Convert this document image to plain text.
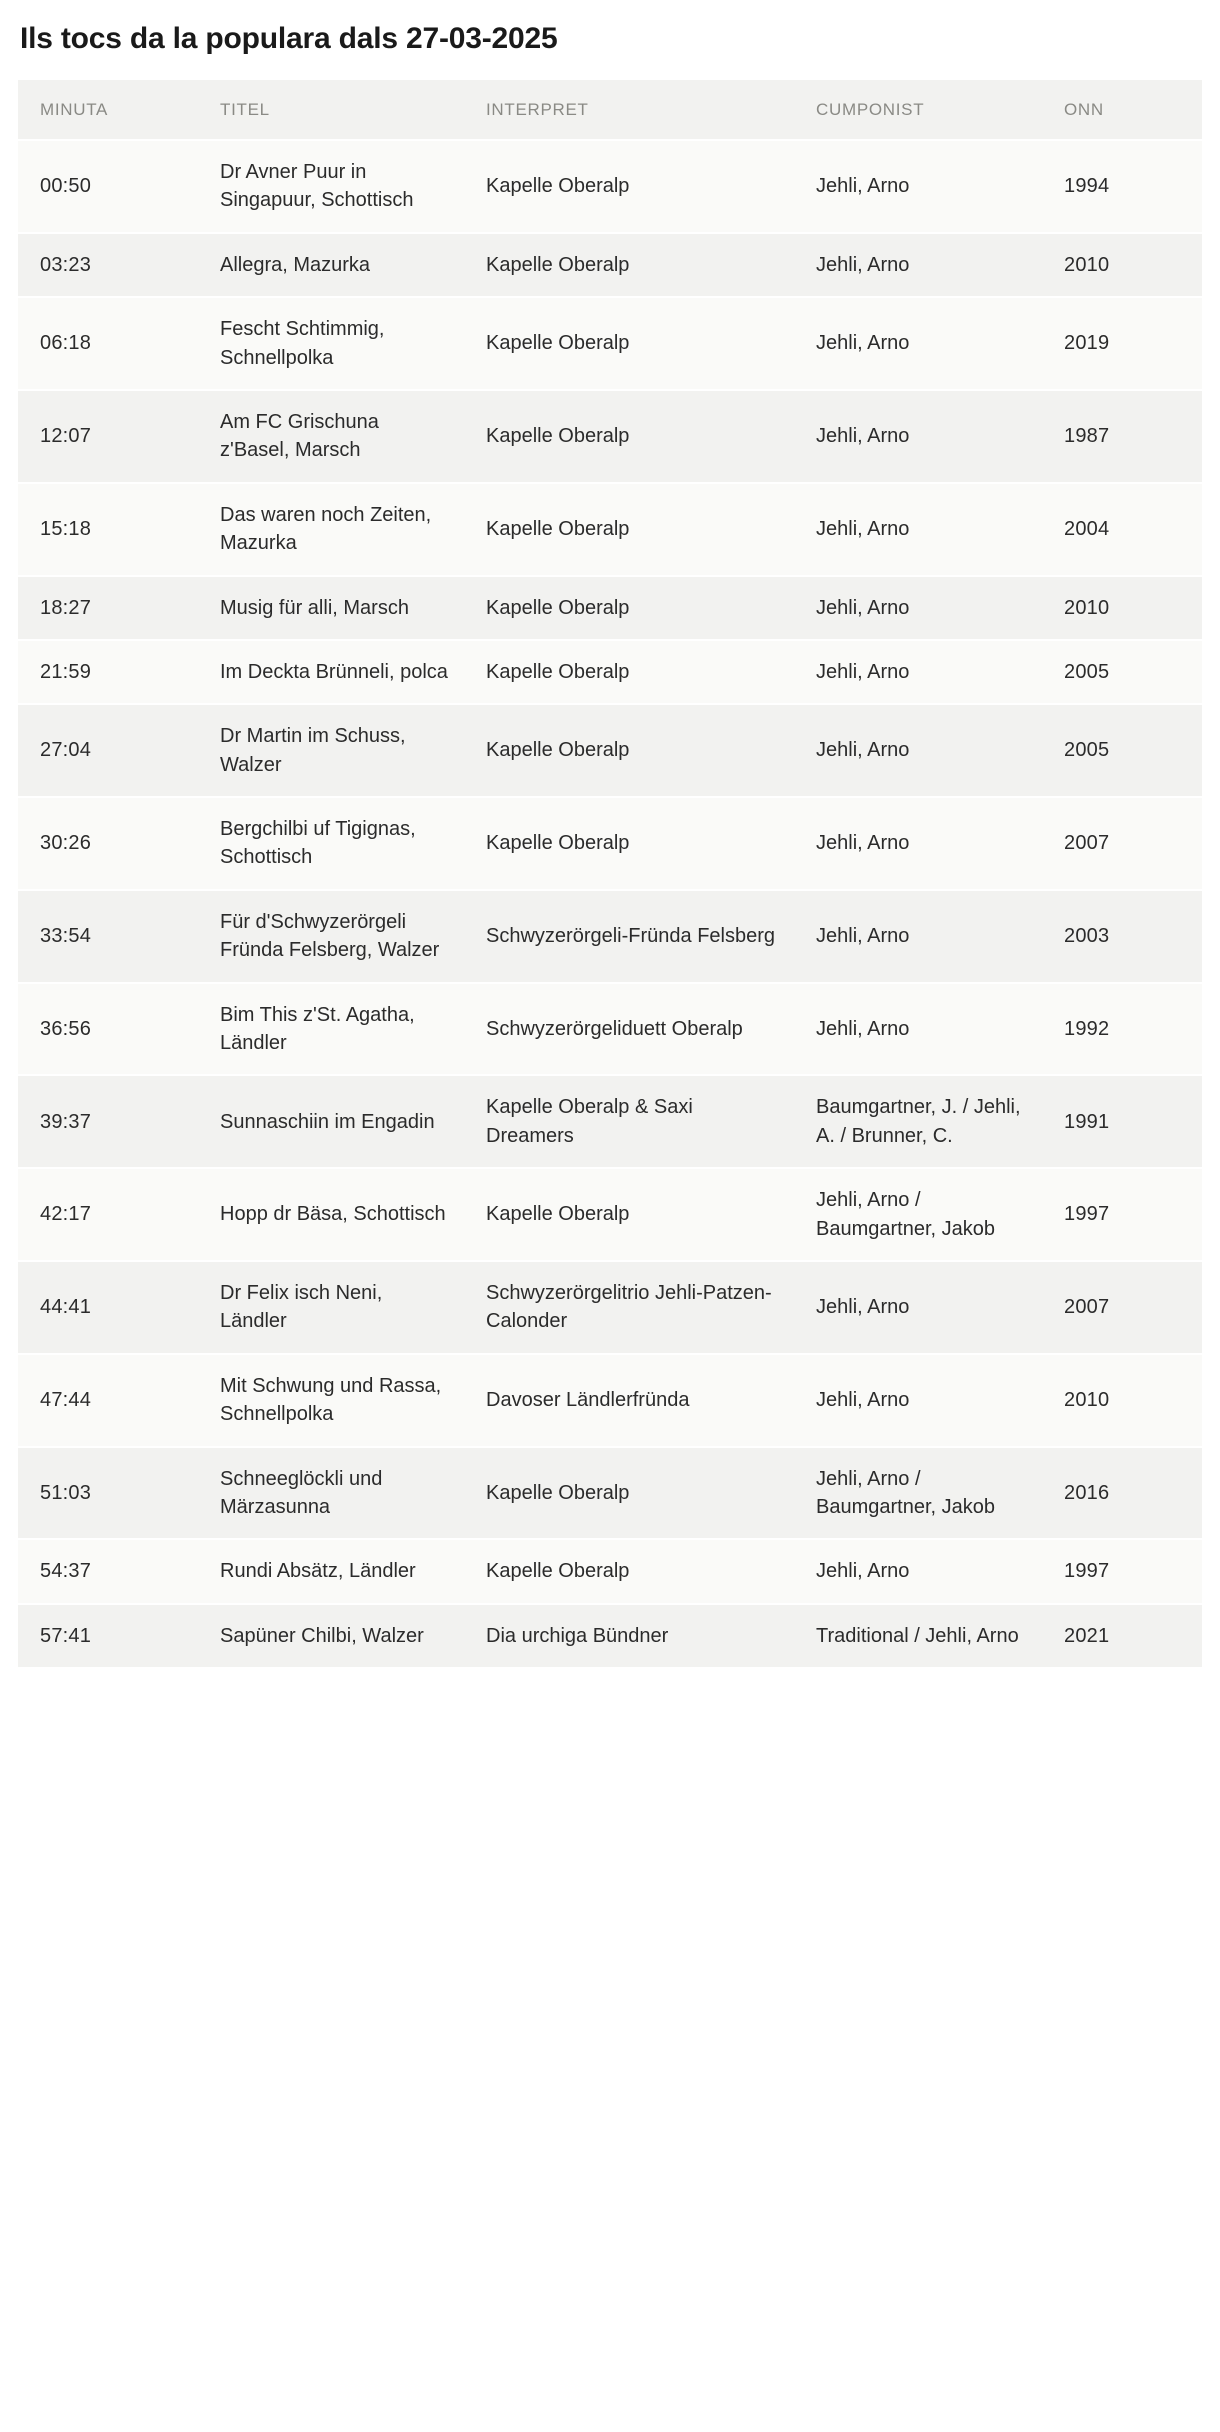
Ils tocs da la populara dals 27-03-2025
MINUTA	TITEL	INTERPRET	CUMPONIST	ONN
00:50	Dr Avner Puur in Singapuur, Schottisch	Kapelle Oberalp	Jehli, Arno	1994
03:23	Allegra, Mazurka	Kapelle Oberalp	Jehli, Arno	2010
06:18	Fescht Schtimmig, Schnellpolka	Kapelle Oberalp	Jehli, Arno	2019
12:07	Am FC Grischuna z'Basel, Marsch	Kapelle Oberalp	Jehli, Arno	1987
15:18	Das waren noch Zeiten, Mazurka	Kapelle Oberalp	Jehli, Arno	2004
18:27	Musig für alli, Marsch	Kapelle Oberalp	Jehli, Arno	2010
21:59	Im Deckta Brünneli, polca	Kapelle Oberalp	Jehli, Arno	2005
27:04	Dr Martin im Schuss, Walzer	Kapelle Oberalp	Jehli, Arno	2005
30:26	Bergchilbi uf Tigignas, Schottisch	Kapelle Oberalp	Jehli, Arno	2007
33:54	Für d'Schwyzerörgeli Fründa Felsberg, Walzer	Schwyzerörgeli-Fründa Felsberg	Jehli, Arno	2003
36:56	Bim This z'St. Agatha, Ländler	Schwyzerörgeliduett Oberalp	Jehli, Arno	1992
39:37	Sunnaschiin im Engadin	Kapelle Oberalp & Saxi Dreamers	Baumgartner, J. / Jehli, A. / Brunner, C.	1991
42:17	Hopp dr Bäsa, Schottisch	Kapelle Oberalp	Jehli, Arno / Baumgartner, Jakob	1997
44:41	Dr Felix isch Neni, Ländler	Schwyzerörgelitrio Jehli-Patzen-Calonder	Jehli, Arno	2007
47:44	Mit Schwung und Rassa, Schnellpolka	Davoser Ländlerfründa	Jehli, Arno	2010
51:03	Schneeglöckli und Märzasunna	Kapelle Oberalp	Jehli, Arno / Baumgartner, Jakob	2016
54:37	Rundi Absätz, Ländler	Kapelle Oberalp	Jehli, Arno	1997
57:41	Sapüner Chilbi, Walzer	Dia urchiga Bündner	Traditional / Jehli, Arno	2021
